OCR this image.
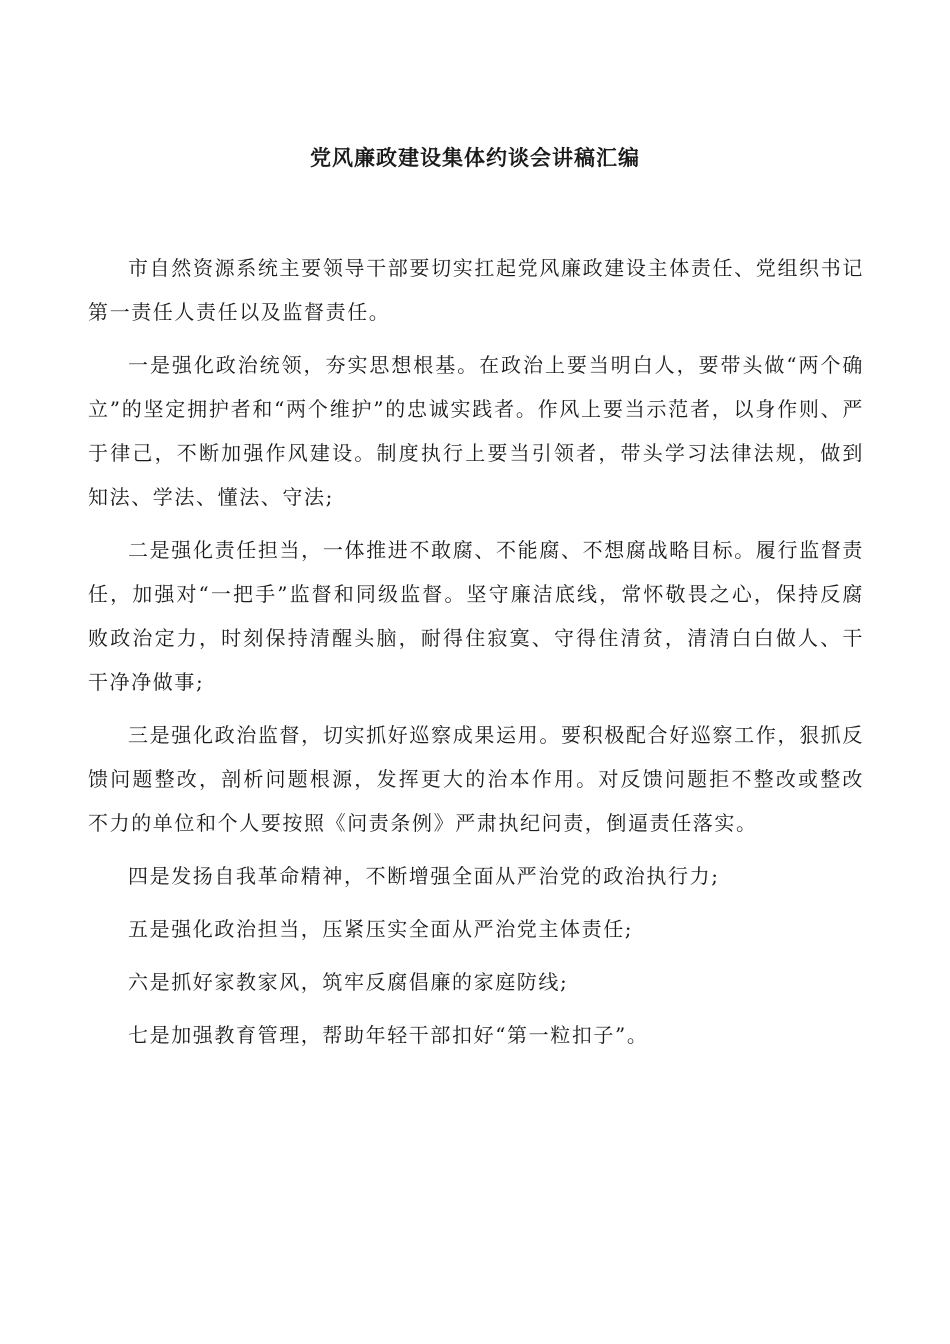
党风廉政建设集体约谈会讲稿汇编

市自然资源系统主要领导干部要切实扛起党风廉政建设主体责任、党组织书记第一责任人责任以及监督责任。

一是强化政治统领，夯实思想根基。在政治上要当明白人，要带头做“两个确立”的坚定拥护者和“两个维护”的忠诚实践者。作风上要当示范者，以身作则、严于律己，不断加强作风建设。制度执行上要当引领者，带头学习法律法规，做到知法、学法、懂法、守法;

二是强化责任担当，一体推进不敢腐、不能腐、不想腐战略目标。履行监督责任，加强对“一把手”监督和同级监督。坚守廉洁底线，常怀敬畏之心，保持反腐败政治定力，时刻保持清醒头脑，耐得住寂寞、守得住清贫，清清白白做人、干干净净做事;

三是强化政治监督，切实抓好巡察成果运用。要积极配合好巡察工作，狠抓反馈问题整改，剖析问题根源，发挥更大的治本作用。对反馈问题拒不整改或整改不力的单位和个人要按照《问责条例》严肃执纪问责，倒逼责任落实。

四是发扬自我革命精神，不断增强全面从严治党的政治执行力;

五是强化政治担当，压紧压实全面从严治党主体责任;

六是抓好家教家风，筑牢反腐倡廉的家庭防线;

七是加强教育管理，帮助年轻干部扣好“第一粒扣子”。
